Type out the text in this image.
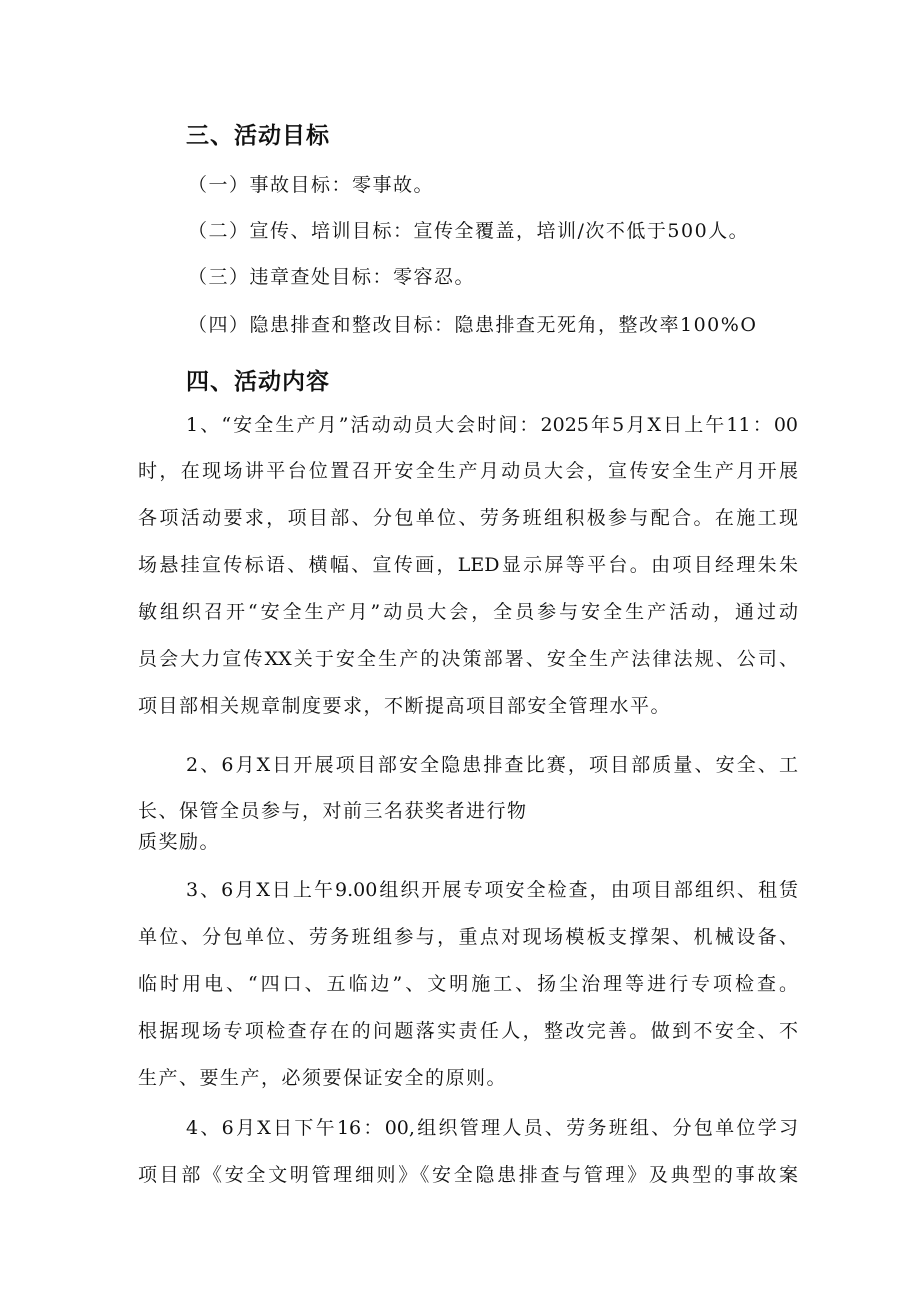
三、活动目标
（一）事故目标：零事故。
（二）宣传、培训目标：宣传全覆盖，培训/次不低于500人。
（三）违章查处目标：零容忍。
（四）隐患排查和整改目标：隐患排查无死角，整改率100%O
四、活动内容
1、“安全生产月”活动动员大会时间：2025年5月X日上午11：00
时，在现场讲平台位置召开安全生产月动员大会，宣传安全生产月开展
各项活动要求，项目部、分包单位、劳务班组积极参与配合。在施工现
场悬挂宣传标语、横幅、宣传画，LED显示屏等平台。由项目经理朱朱
敏组织召开“安全生产月”动员大会，全员参与安全生产活动，通过动
员会大力宣传XX关于安全生产的决策部署、安全生产法律法规、公司、
项目部相关规章制度要求，不断提高项目部安全管理水平。
2、6月X日开展项目部安全隐患排查比赛，项目部质量、安全、工
长、保管全员参与，对前三名获奖者进行物
质奖励。
3、6月X日上午9.00组织开展专项安全检查，由项目部组织、租赁
单位、分包单位、劳务班组参与，重点对现场模板支撑架、机械设备、
临时用电、“四口、五临边”、文明施工、扬尘治理等进行专项检查。
根据现场专项检查存在的问题落实责任人，整改完善。做到不安全、不
生产、要生产，必须要保证安全的原则。
4、6月X日下午16：00,组织管理人员、劳务班组、分包单位学习
项目部《安全文明管理细则》《安全隐患排查与管理》及典型的事故案
